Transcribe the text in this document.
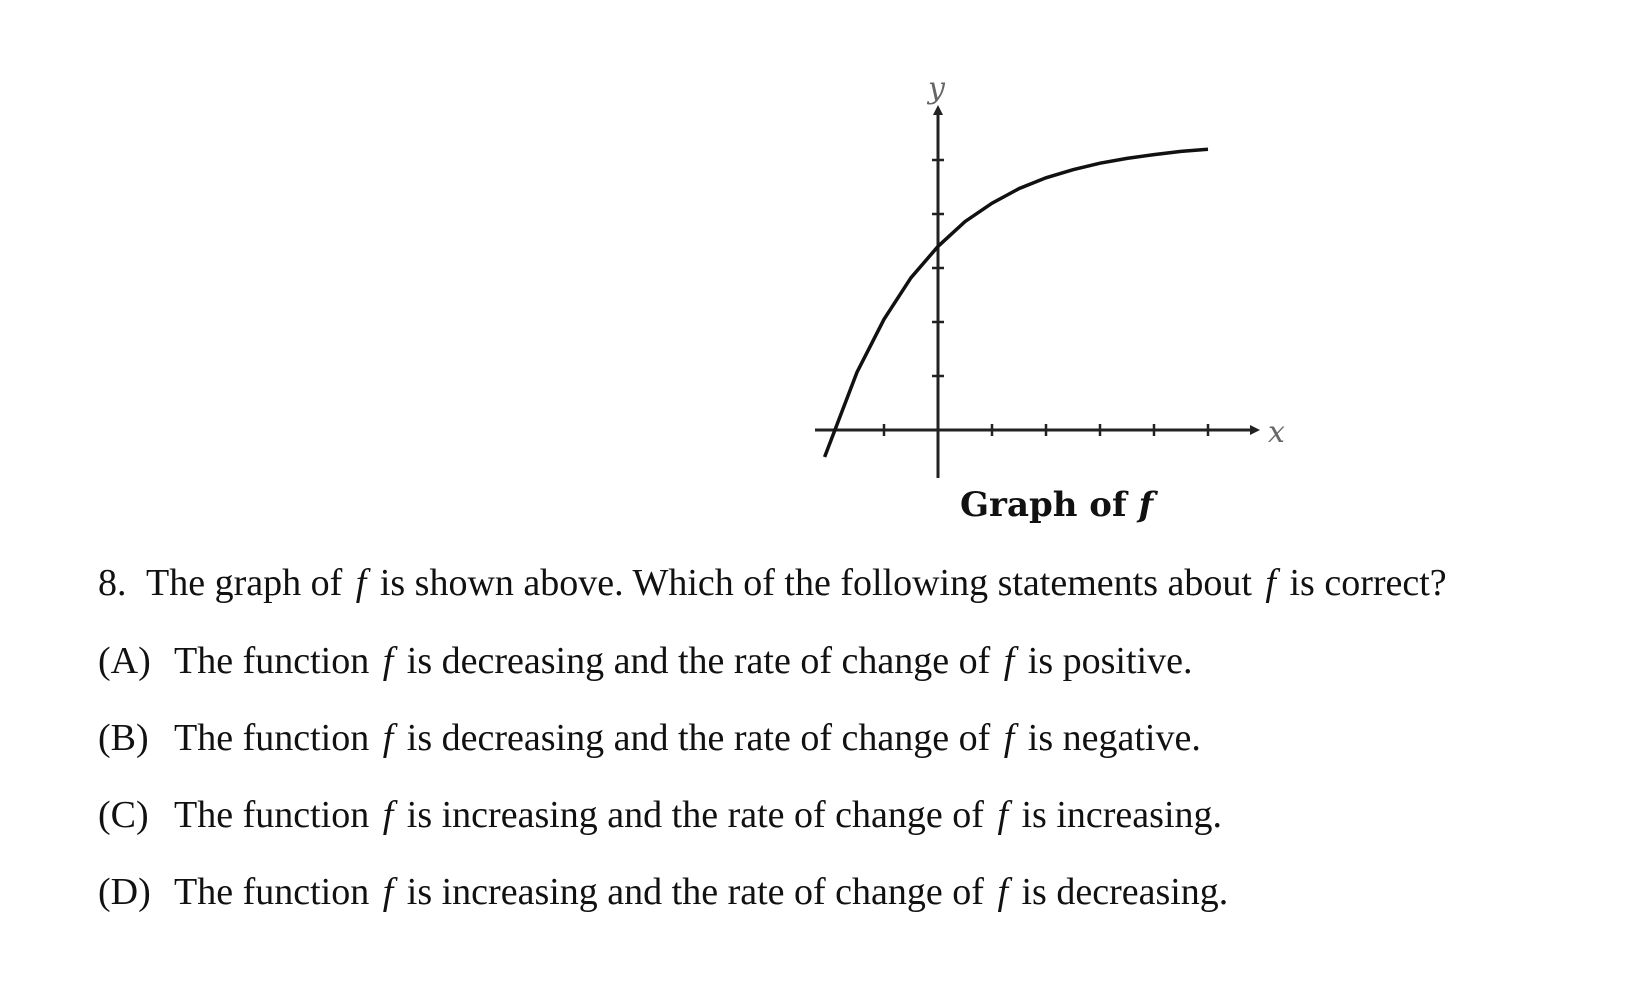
y
x
Graph of f
8. The graph of f is shown above. Which of the following statements about f is correct?
(A) The function f is decreasing and the rate of change of f is positive.
(B) The function f is decreasing and the rate of change of f is negative.
(C) The function f is increasing and the rate of change of f is increasing.
(D) The function f is increasing and the rate of change of f is decreasing.
